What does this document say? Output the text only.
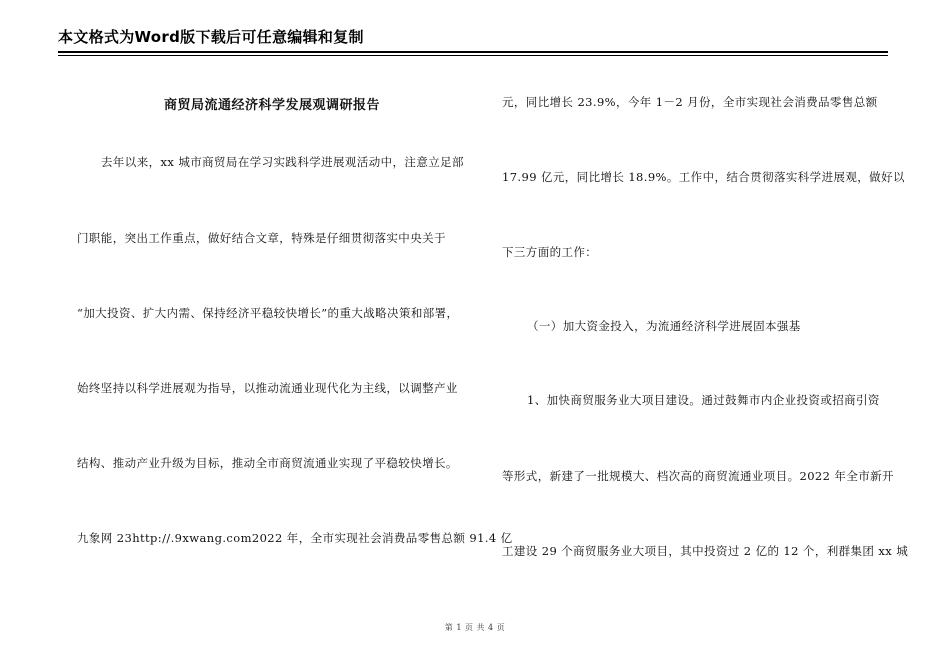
本文格式为Word版下载后可任意编辑和复制
商贸局流通经济科学发展观调研报告
去年以来，xx 城市商贸局在学习实践科学进展观活动中，注意立足部
门职能，突出工作重点，做好结合文章，特殊是仔细贯彻落实中央关于
“加大投资、扩大内需、保持经济平稳较快增长”的重大战略决策和部署，
始终坚持以科学进展观为指导，以推动流通业现代化为主线，以调整产业
结构、推动产业升级为目标，推动全市商贸流通业实现了平稳较快增长。
九象网 23http://.9xwang.com2022 年，全市实现社会消费品零售总额 91.4 亿
元，同比增长 23.9%，今年 1－2 月份，全市实现社会消费品零售总额
17.99 亿元，同比增长 18.9%。工作中，结合贯彻落实科学进展观，做好以
下三方面的工作：
（一）加大资金投入，为流通经济科学进展固本强基
1、加快商贸服务业大项目建设。通过鼓舞市内企业投资或招商引资
等形式，新建了一批规模大、档次高的商贸流通业项目。2022 年全市新开
工建设 29 个商贸服务业大项目，其中投资过 2 亿的 12 个，利群集团 xx 城
第 1 页 共 4 页
